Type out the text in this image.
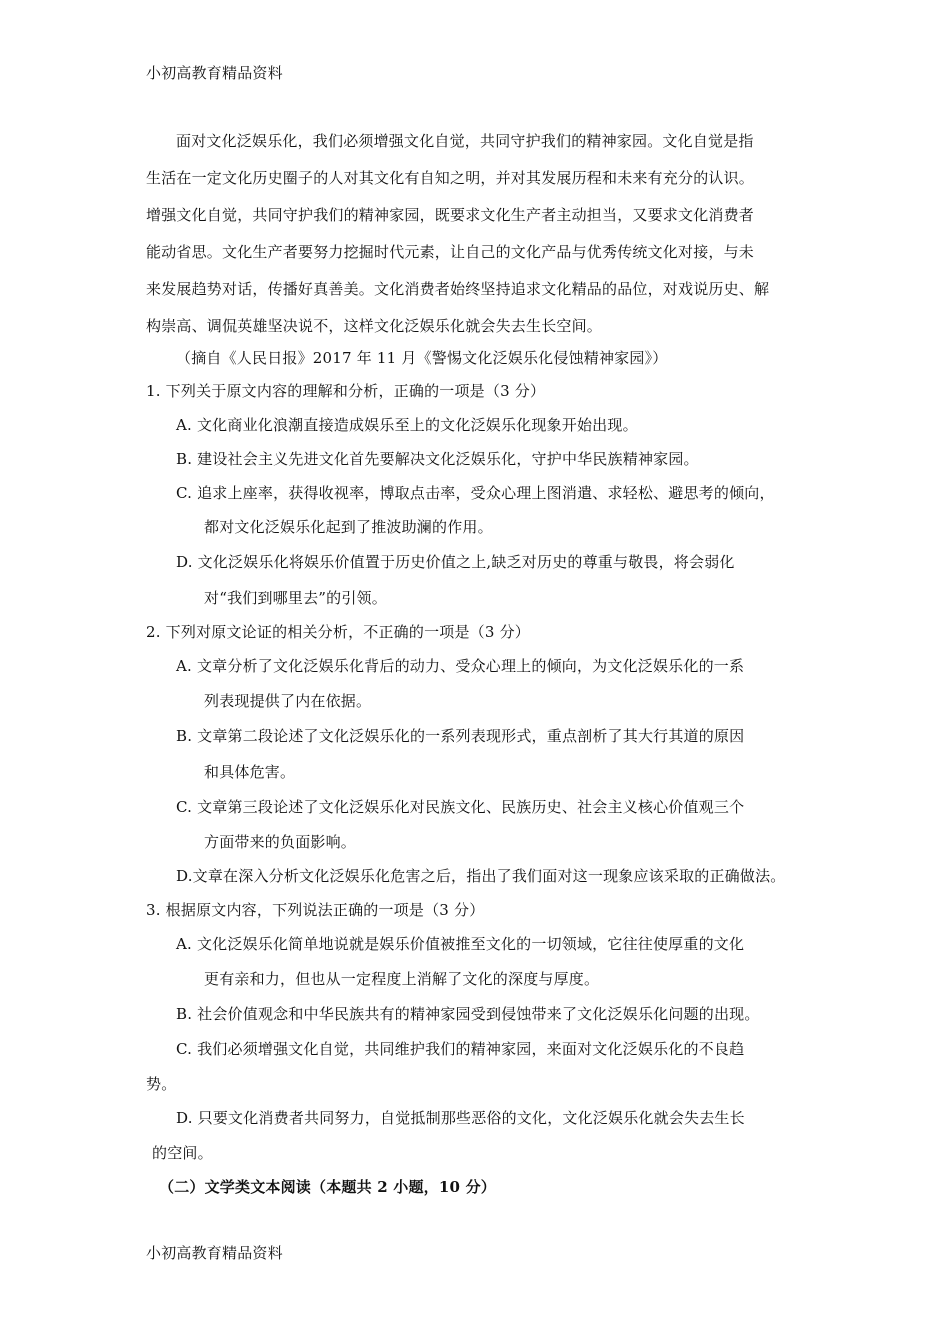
小初高教育精品资料
面对文化泛娱乐化，我们必须增强文化自觉，共同守护我们的精神家园。文化自觉是指
生活在一定文化历史圈子的人对其文化有自知之明，并对其发展历程和未来有充分的认识。
增强文化自觉，共同守护我们的精神家园，既要求文化生产者主动担当，又要求文化消费者
能动省思。文化生产者要努力挖掘时代元素，让自己的文化产品与优秀传统文化对接，与未
来发展趋势对话，传播好真善美。文化消费者始终坚持追求文化精品的品位，对戏说历史、解
构崇高、调侃英雄坚决说不，这样文化泛娱乐化就会失去生长空间。
（摘自《人民日报》2017 年 11 月《警惕文化泛娱乐化侵蚀精神家园》）
1. 下列关于原文内容的理解和分析，正确的一项是（3 分）
A. 文化商业化浪潮直接造成娱乐至上的文化泛娱乐化现象开始出现。
B. 建设社会主义先进文化首先要解决文化泛娱乐化，守护中华民族精神家园。
C. 追求上座率，获得收视率，博取点击率，受众心理上图消遣、求轻松、避思考的倾向，
都对文化泛娱乐化起到了推波助澜的作用。
D. 文化泛娱乐化将娱乐价值置于历史价值之上,缺乏对历史的尊重与敬畏，将会弱化
对“我们到哪里去”的引领。
2. 下列对原文论证的相关分析，不正确的一项是（3 分）
A. 文章分析了文化泛娱乐化背后的动力、受众心理上的倾向，为文化泛娱乐化的一系
列表现提供了内在依据。
B. 文章第二段论述了文化泛娱乐化的一系列表现形式，重点剖析了其大行其道的原因
和具体危害。
C. 文章第三段论述了文化泛娱乐化对民族文化、民族历史、社会主义核心价值观三个
方面带来的负面影响。
D.文章在深入分析文化泛娱乐化危害之后，指出了我们面对这一现象应该采取的正确做法。
3. 根据原文内容，下列说法正确的一项是（3 分）
A. 文化泛娱乐化简单地说就是娱乐价值被推至文化的一切领域，它往往使厚重的文化
更有亲和力，但也从一定程度上消解了文化的深度与厚度。
B. 社会价值观念和中华民族共有的精神家园受到侵蚀带来了文化泛娱乐化问题的出现。
C. 我们必须增强文化自觉，共同维护我们的精神家园，来面对文化泛娱乐化的不良趋
势。
D. 只要文化消费者共同努力，自觉抵制那些恶俗的文化，文化泛娱乐化就会失去生长
的空间。
（二）文学类文本阅读（本题共 2 小题，10 分）
小初高教育精品资料
